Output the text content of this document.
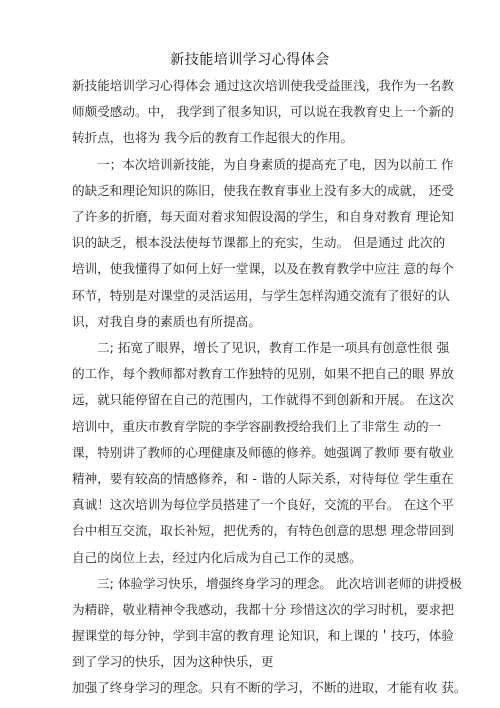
新技能培训学习心得体会
新技能培训学习心得体会 通过这次培训使我受益匪浅，我作为一名教
师颇受感动。中， 我学到了很多知识，可以说在我教育史上一个新的
转折点，也将为 我今后的教育工作起很大的作用。
一；本次培训新技能，为自身素质的提高充了电，因为以前工 作
的缺乏和理论知识的陈旧，使我在教育事业上没有多大的成就， 还受
了许多的折磨，每天面对着求知假设渴的学生，和自身对教育 理论知
识的缺乏，根本没法使每节课都上的充实，生动。 但是通过 此次的
培训，使我懂得了如何上好一堂课，以及在教育教学中应注 意的每个
环节，特别是对课堂的灵活运用，与学生怎样沟通交流有了很好的认
识，对我自身的素质也有所提高。
二; 拓宽了眼界，增长了见识，教育工作是一项具有创意性很 强
的工作，每个教师都对教育工作独特的见别，如果不把自己的眼 界放
远，就只能停留在自己的范围内，工作就得不到创新和开展。 在这次
培训中，重庆市教育学院的李学容副教授给我们上了非常生 动的一
课，特别讲了教师的心理健康及师德的修养。她强调了教师 要有敬业
精神，要有较高的情感修养，和 - 谐的人际关系，对待每位 学生重在
真诚！这次培训为每位学员搭建了一个良好，交流的平台。 在这个平
台中相互交流，取长补短，把优秀的，有特色创意的思想 理念带回到
自己的岗位上去，经过内化后成为自己工作的灵感。
三; 体验学习快乐，增强终身学习的理念。 此次培训老师的讲授极
为精辟，敬业精神令我感动，我都十分 珍惜这次的学习时机，要求把
握课堂的每分钟，学到丰富的教育理 论知识，和上课的＇技巧，体验
到了学习的快乐，因为这种快乐，更
加强了终身学习的理念。只有不断的学习，不断的进取，才能有收 获。
